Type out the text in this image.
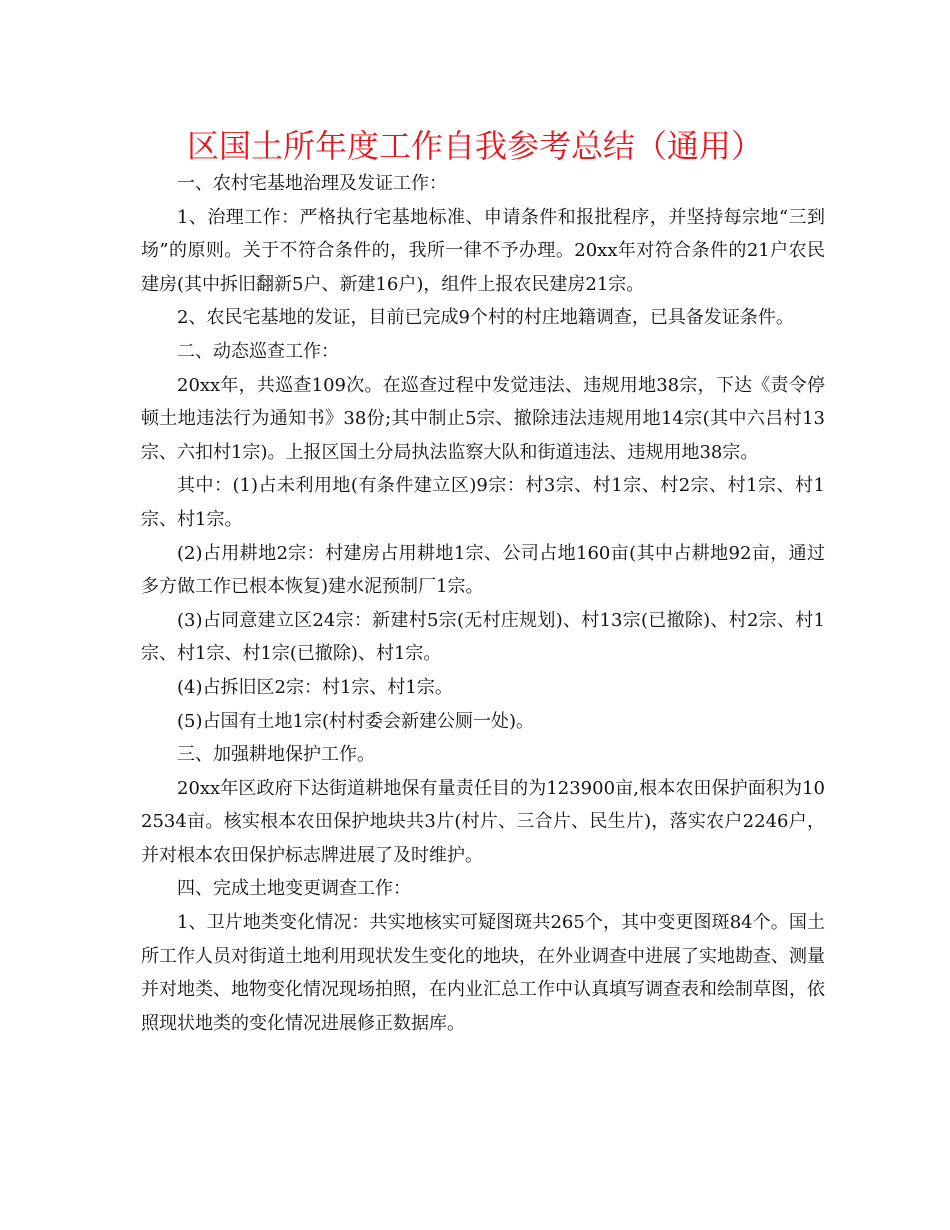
区国土所年度工作自我参考总结（通用）

一、农村宅基地治理及发证工作：

1、治理工作：严格执行宅基地标准、申请条件和报批程序，并坚持每宗地“三到场”的原则。关于不符合条件的，我所一律不予办理。20xx年对符合条件的21户农民建房(其中拆旧翻新5户、新建16户)，组件上报农民建房21宗。

2、农民宅基地的发证，目前已完成9个村的村庄地籍调查，已具备发证条件。

二、动态巡查工作：

20xx年，共巡查109次。在巡查过程中发觉违法、违规用地38宗，下达《责令停顿土地违法行为通知书》38份;其中制止5宗、撤除违法违规用地14宗(其中六吕村13宗、六扣村1宗)。上报区国土分局执法监察大队和街道违法、违规用地38宗。

其中：(1)占未利用地(有条件建立区)9宗：村3宗、村1宗、村2宗、村1宗、村1宗、村1宗。

(2)占用耕地2宗：村建房占用耕地1宗、公司占地160亩(其中占耕地92亩，通过多方做工作已根本恢复)建水泥预制厂1宗。

(3)占同意建立区24宗：新建村5宗(无村庄规划)、村13宗(已撤除)、村2宗、村1宗、村1宗、村1宗(已撤除)、村1宗。

(4)占拆旧区2宗：村1宗、村1宗。

(5)占国有土地1宗(村村委会新建公厕一处)。

三、加强耕地保护工作。

20xx年区政府下达街道耕地保有量责任目的为123900亩,根本农田保护面积为102534亩。核实根本农田保护地块共3片(村片、三合片、民生片)，落实农户2246户，并对根本农田保护标志牌进展了及时维护。

四、完成土地变更调查工作：

1、卫片地类变化情况：共实地核实可疑图斑共265个，其中变更图斑84个。国土所工作人员对街道土地利用现状发生变化的地块，在外业调查中进展了实地勘查、测量并对地类、地物变化情况现场拍照，在内业汇总工作中认真填写调查表和绘制草图，依照现状地类的变化情况进展修正数据库。
